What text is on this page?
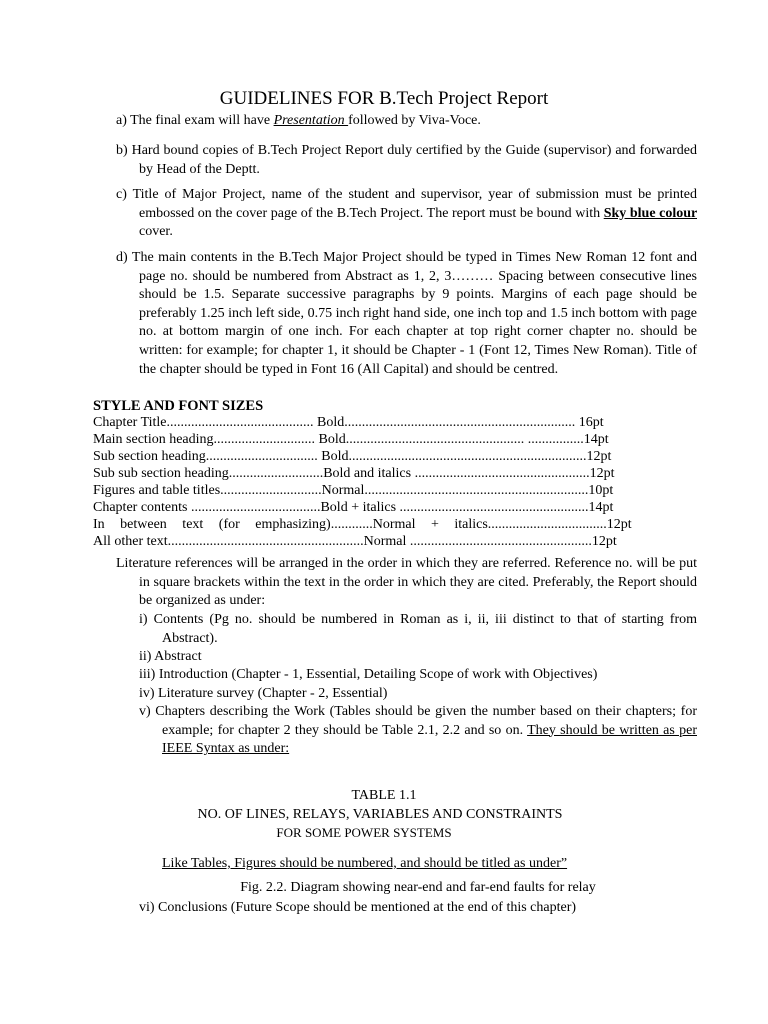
GUIDELINES FOR B.Tech Project Report
a) The final exam will have Presentation followed by Viva-Voce.
b) Hard bound copies of B.Tech Project Report duly certified by the Guide (supervisor) and forwarded by Head of the Deptt.
c) Title of Major Project, name of the student and supervisor, year of submission must be printed embossed on the cover page of the B.Tech Project. The report must be bound with Sky blue colour cover.
d) The main contents in the B.Tech Major Project should be typed in Times New Roman 12 font and page no. should be numbered from Abstract as 1, 2, 3……… Spacing between consecutive lines should be 1.5. Separate successive paragraphs by 9 points. Margins of each page should be preferably 1.25 inch left side, 0.75 inch right hand side, one inch top and 1.5 inch bottom with page no. at bottom margin of one inch. For each chapter at top right corner chapter no. should be written: for example; for chapter 1, it should be Chapter - 1 (Font 12, Times New Roman). Title of the chapter should be typed in Font 16 (All Capital) and should be centred.
STYLE AND FONT SIZES
Chapter Title.......................................... Bold.................................................................. 16pt
Main section heading............................. Bold................................................... ................14pt
Sub section heading................................ Bold....................................................................12pt
Sub sub section heading...........................Bold and italics ..................................................12pt
Figures and table titles.............................Normal................................................................10pt
Chapter contents .....................................Bold + italics ......................................................14pt
In between text (for emphasizing)............Normal + italics..................................12pt
All other text........................................................Normal ....................................................12pt
Literature references will be arranged in the order in which they are referred. Reference no. will be put in square brackets within the text in the order in which they are cited. Preferably, the Report should be organized as under:
i) Contents (Pg no. should be numbered in Roman as i, ii, iii distinct to that of starting from Abstract).
ii) Abstract
iii) Introduction (Chapter - 1, Essential, Detailing Scope of work with Objectives)
iv) Literature survey (Chapter - 2, Essential)
v) Chapters describing the Work (Tables should be given the number based on their chapters; for example; for chapter 2 they should be Table 2.1, 2.2 and so on. They should be written as per IEEE Syntax as under:
TABLE 1.1
NO. OF LINES, RELAYS, VARIABLES AND CONSTRAINTS
FOR SOME POWER SYSTEMS
Like Tables, Figures should be numbered, and should be titled as under”
Fig. 2.2. Diagram showing near-end and far-end faults for relay
vi) Conclusions (Future Scope should be mentioned at the end of this chapter)
